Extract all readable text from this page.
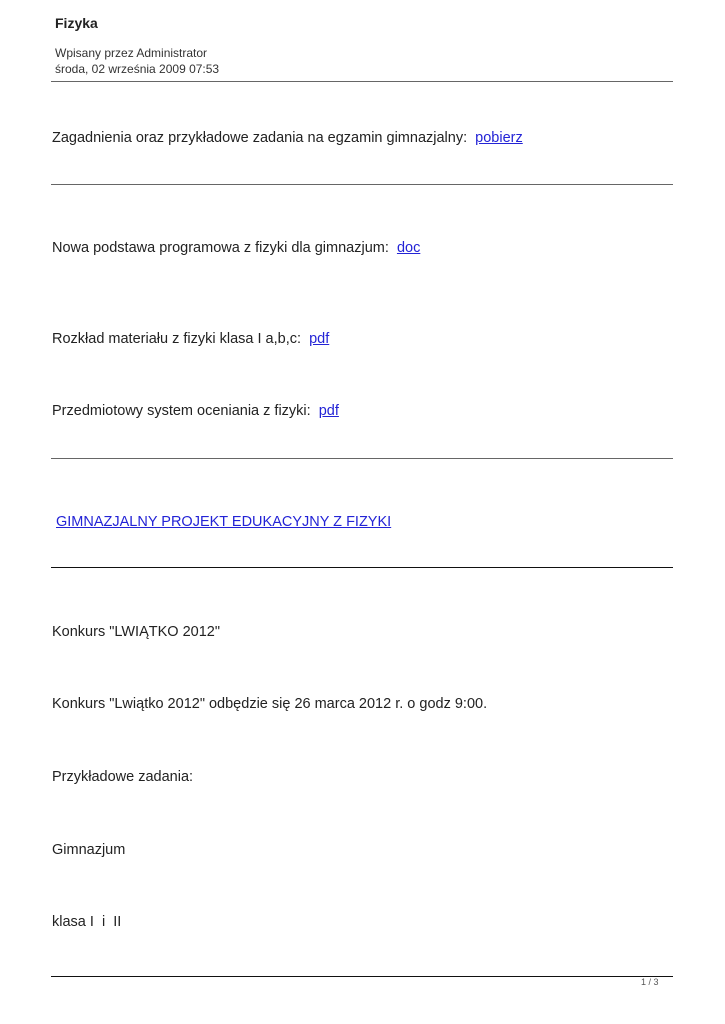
Fizyka
Wpisany przez Administrator
środa, 02 września 2009 07:53
Zagadnienia oraz przykładowe zadania na egzamin gimnazjalny: pobierz
Nowa podstawa programowa z fizyki dla gimnazjum: doc
Rozkład materiału z fizyki klasa I a,b,c: pdf
Przedmiotowy system oceniania z fizyki: pdf
GIMNAZJALNY PROJEKT EDUKACYJNY Z FIZYKI
Konkurs "LWIĄTKO 2012"
Konkurs "Lwiątko 2012" odbędzie się 26 marca 2012 r. o godz 9:00.
Przykładowe zadania:
Gimnazjum
klasa I  i  II
1 / 3
